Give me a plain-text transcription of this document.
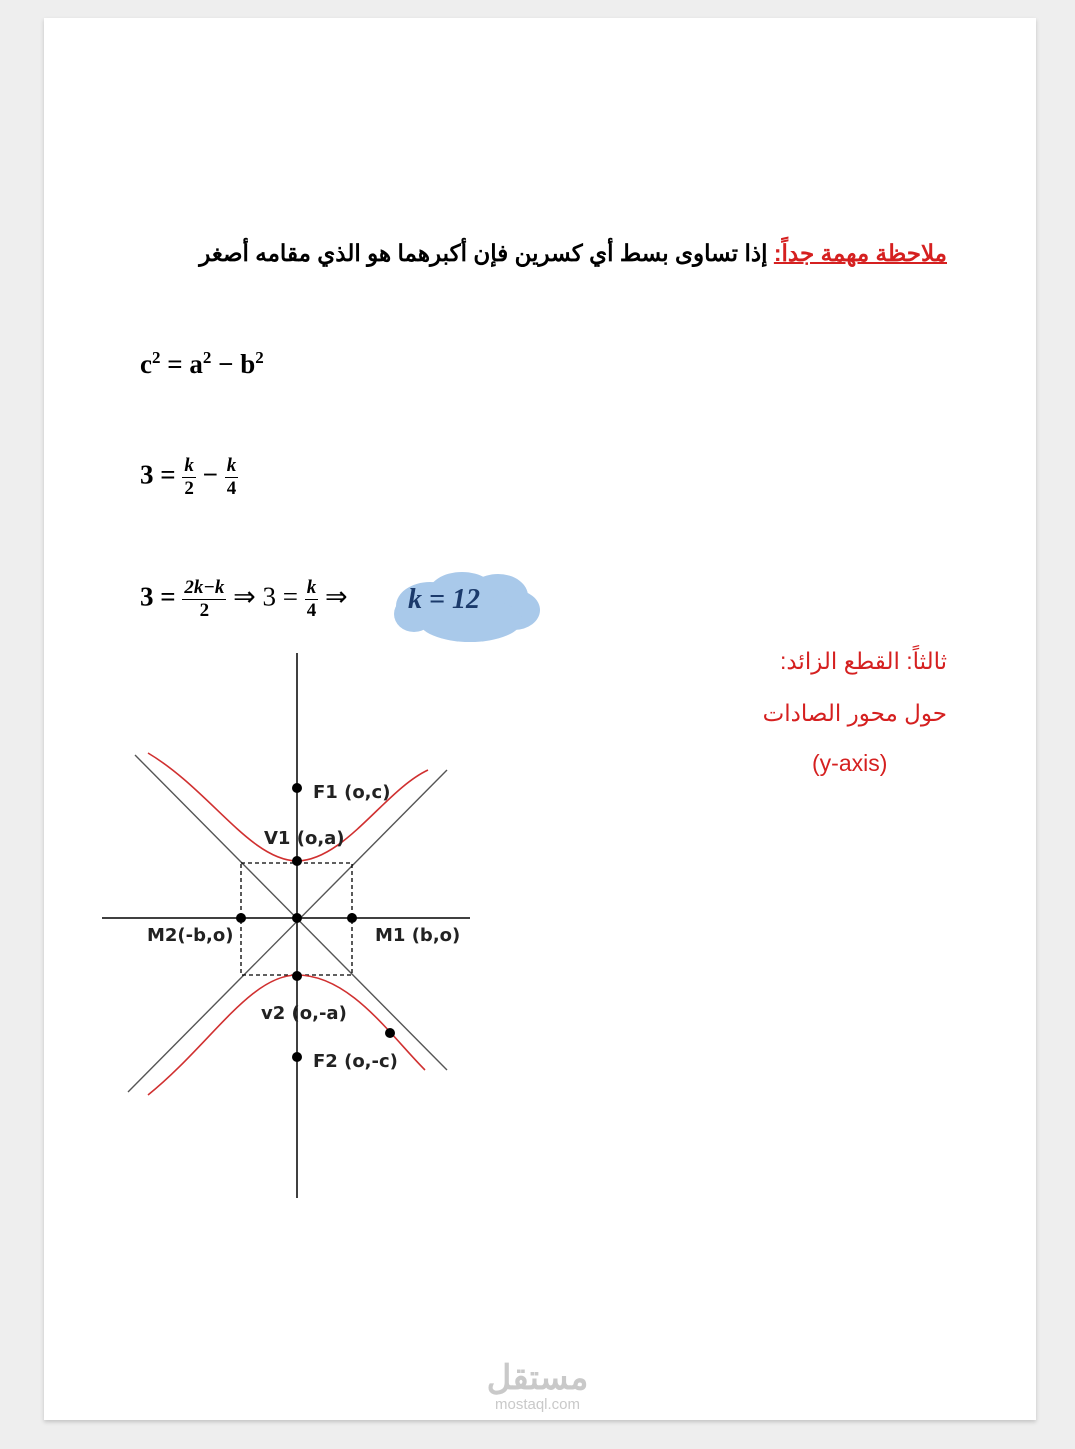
ملاحظة مهمة جداً: إذا تساوى بسط أي كسرين فإن أكبرهما هو الذي مقامه أصغر
$c^2 = a^2 - b^2$
$3 = \frac{k}{2} - \frac{k}{4}$
$3 = \frac{2k-k}{2}$ ⇒ $3 = \frac{k}{4}$ ⇒ k = 12
ثالثاً: القطع الزائد:
حول محور الصادات
(y-axis)
F1 (o,c)
V1 (o,a)
M2(-b,o)	M1 (b,o)
v2 (o,-a)
F2 (o,-c)
مستقل
mostaql.com
